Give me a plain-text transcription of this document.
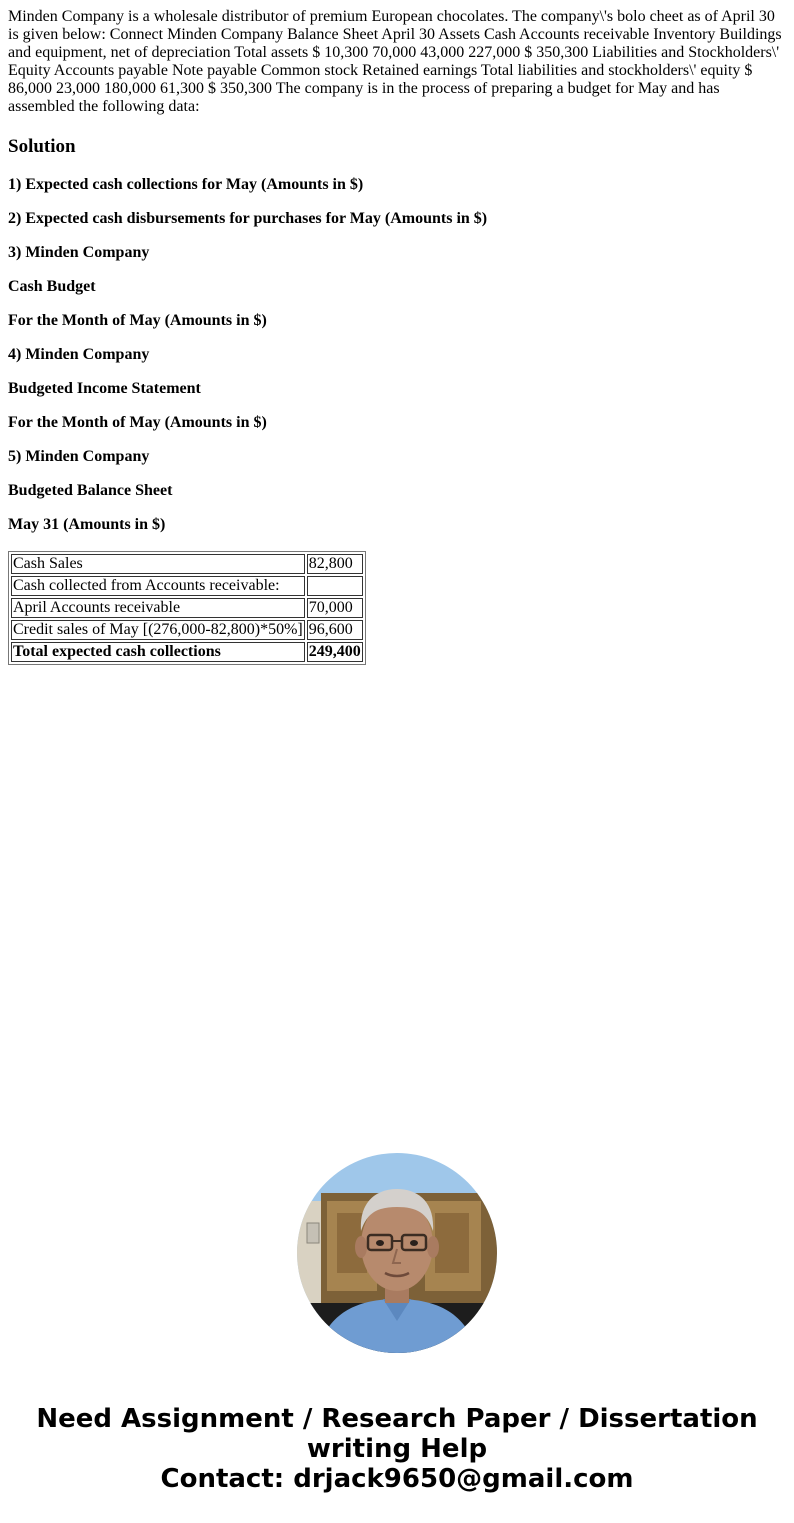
Minden Company is a wholesale distributor of premium European chocolates. The company\'s bolo cheet as of April 30 is given below: Connect Minden Company Balance Sheet April 30 Assets Cash Accounts receivable Inventory Buildings and equipment, net of depreciation Total assets $ 10,300 70,000 43,000 227,000 $ 350,300 Liabilities and Stockholders\' Equity Accounts payable Note payable Common stock Retained earnings Total liabilities and stockholders\' equity $ 86,000 23,000 180,000 61,300 $ 350,300 The company is in the process of preparing a budget for May and has assembled the following data:
Solution

1) Expected cash collections for May (Amounts in $)

2) Expected cash disbursements for purchases for May (Amounts in $)

3) Minden Company

Cash Budget

For the Month of May (Amounts in $)

4) Minden Company

Budgeted Income Statement

For the Month of May (Amounts in $)

5) Minden Company

Budgeted Balance Sheet

May 31 (Amounts in $)

Cash Sales	82,800
Cash collected from Accounts receivable:	
April Accounts receivable	70,000
Credit sales of May [(276,000-82,800)*50%]	96,600
Total expected cash collections	249,400
Need Assignment / Research Paper / Dissertation
writing Help
Contact: drjack9650@gmail.com
